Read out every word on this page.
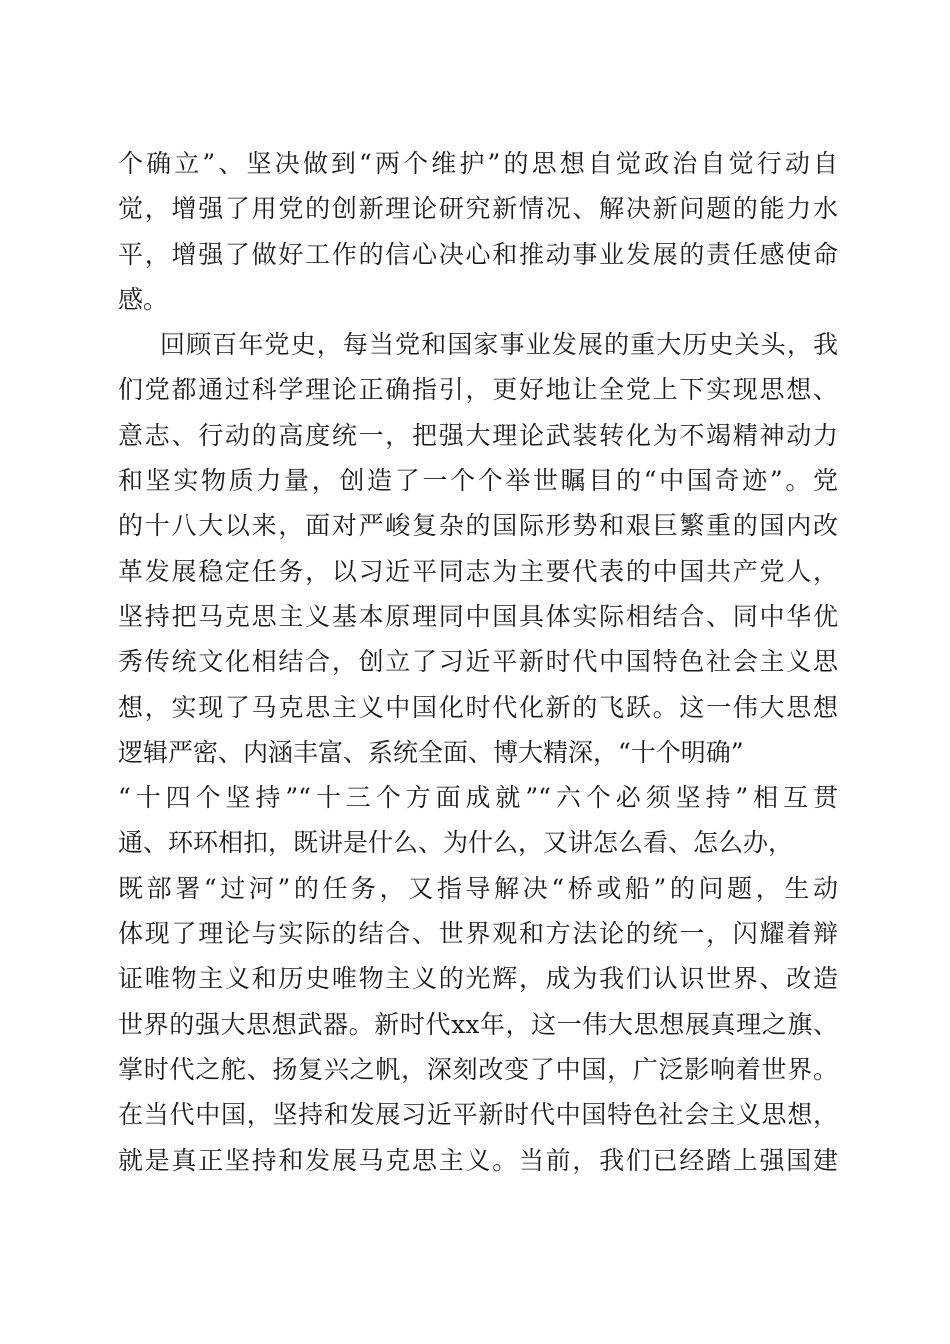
个确立”、坚决做到“两个维护”的思想自觉政治自觉行动自
觉，增强了用党的创新理论研究新情况、解决新问题的能力水
平，增强了做好工作的信心决心和推动事业发展的责任感使命
感。
回顾百年党史，每当党和国家事业发展的重大历史关头，我
们党都通过科学理论正确指引，更好地让全党上下实现思想、
意志、行动的高度统一，把强大理论武装转化为不竭精神动力
和坚实物质力量，创造了一个个举世瞩目的“中国奇迹”。党
的十八大以来，面对严峻复杂的国际形势和艰巨繁重的国内改
革发展稳定任务，以习近平同志为主要代表的中国共产党人，
坚持把马克思主义基本原理同中国具体实际相结合、同中华优
秀传统文化相结合，创立了习近平新时代中国特色社会主义思
想，实现了马克思主义中国化时代化新的飞跃。这一伟大思想
逻辑严密、内涵丰富、系统全面、博大精深，“十个明确”
“十四个坚持”“十三个方面成就”“六个必须坚持”相互贯
通、环环相扣，既讲是什么、为什么，又讲怎么看、怎么办，
既部署“过河”的任务，又指导解决“桥或船”的问题，生动
体现了理论与实际的结合、世界观和方法论的统一，闪耀着辩
证唯物主义和历史唯物主义的光辉，成为我们认识世界、改造
世界的强大思想武器。新时代xx年，这一伟大思想展真理之旗、
掌时代之舵、扬复兴之帆，深刻改变了中国，广泛影响着世界。
在当代中国，坚持和发展习近平新时代中国特色社会主义思想，
就是真正坚持和发展马克思主义。当前，我们已经踏上强国建
